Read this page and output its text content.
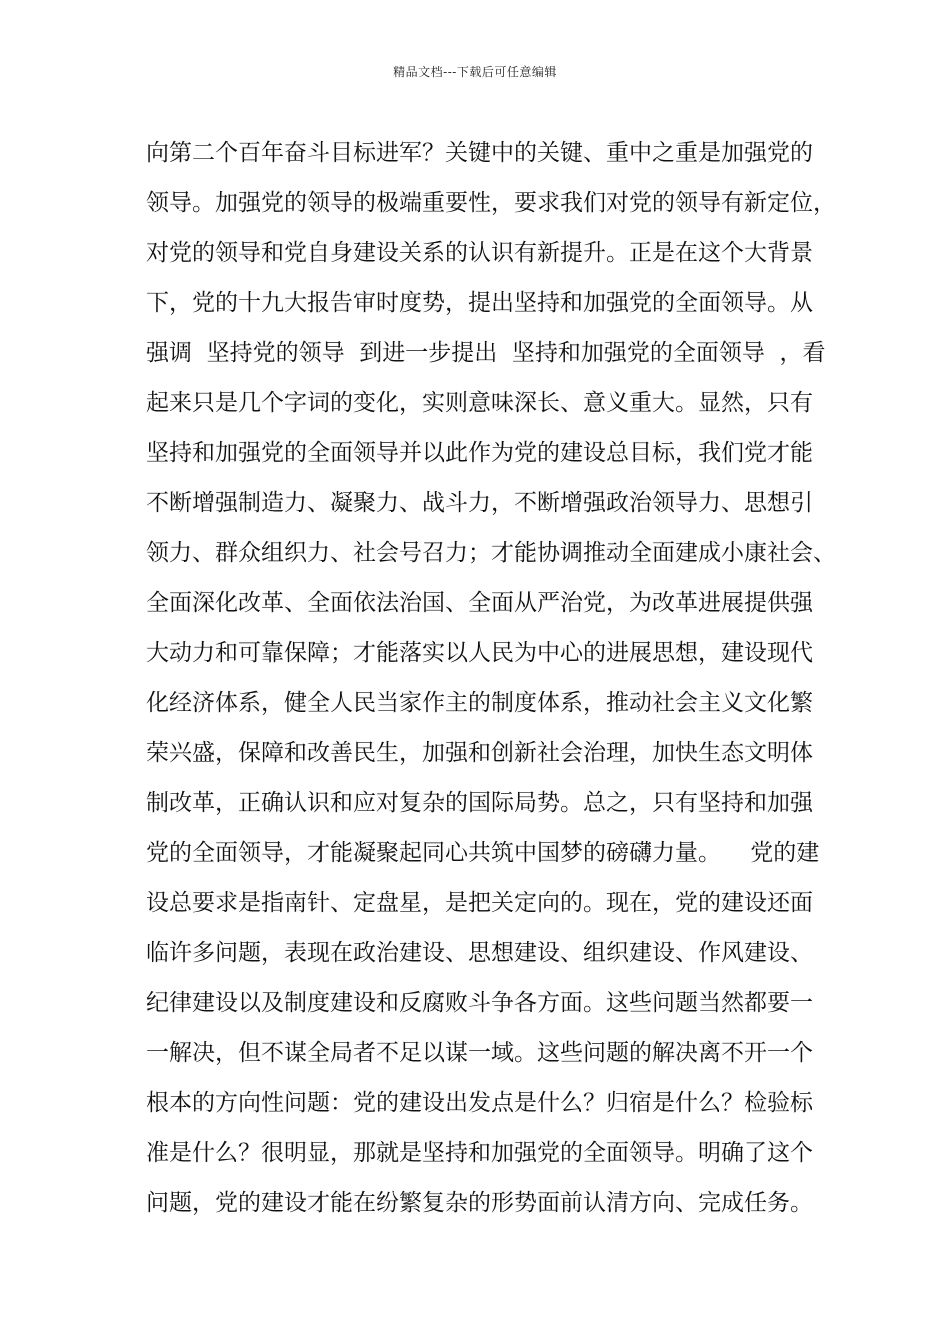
精品文档---下载后可任意编辑
向第二个百年奋斗目标进军？关键中的关键、重中之重是加强党的
领导。加强党的领导的极端重要性，要求我们对党的领导有新定位，
对党的领导和党自身建设关系的认识有新提升。正是在这个大背景
下，党的十九大报告审时度势，提出坚持和加强党的全面领导。从
强调  坚持党的领导  到进一步提出  坚持和加强党的全面领导  ，看
起来只是几个字词的变化，实则意味深长、意义重大。显然，只有
坚持和加强党的全面领导并以此作为党的建设总目标，我们党才能
不断增强制造力、凝聚力、战斗力，不断增强政治领导力、思想引
领力、群众组织力、社会号召力；才能协调推动全面建成小康社会、
全面深化改革、全面依法治国、全面从严治党，为改革进展提供强
大动力和可靠保障；才能落实以人民为中心的进展思想，建设现代
化经济体系，健全人民当家作主的制度体系，推动社会主义文化繁
荣兴盛，保障和改善民生，加强和创新社会治理，加快生态文明体
制改革，正确认识和应对复杂的国际局势。总之，只有坚持和加强
党的全面领导，才能凝聚起同心共筑中国梦的磅礴力量。    党的建
设总要求是指南针、定盘星，是把关定向的。现在，党的建设还面
临许多问题，表现在政治建设、思想建设、组织建设、作风建设、
纪律建设以及制度建设和反腐败斗争各方面。这些问题当然都要一
一解决，但不谋全局者不足以谋一域。这些问题的解决离不开一个
根本的方向性问题：党的建设出发点是什么？归宿是什么？检验标
准是什么？很明显，那就是坚持和加强党的全面领导。明确了这个
问题，党的建设才能在纷繁复杂的形势面前认清方向、完成任务。
